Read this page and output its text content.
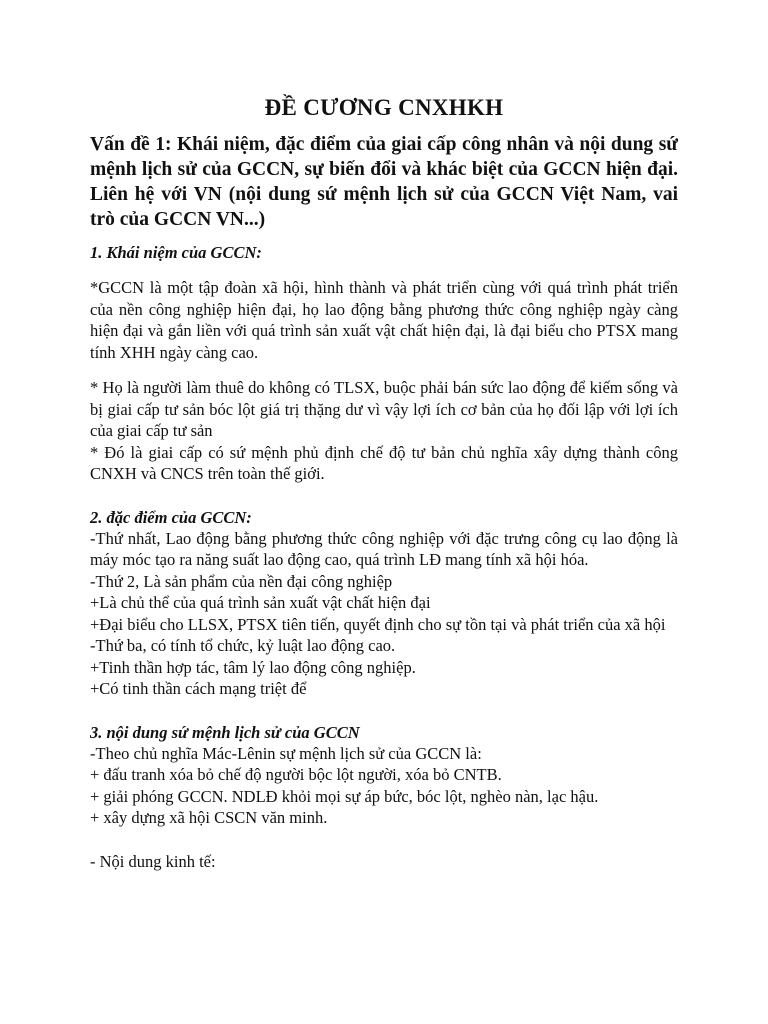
ĐỀ CƯƠNG CNXHKH

Vấn đề 1: Khái niệm, đặc điểm của giai cấp công nhân và nội dung sứ mệnh lịch sử của GCCN, sự biến đổi và khác biệt của GCCN hiện đại. Liên hệ với VN (nội dung sứ mệnh lịch sử của GCCN Việt Nam, vai trò của GCCN VN...)

1. Khái niệm của GCCN:

*GCCN là một tập đoàn xã hội, hình thành và phát triển cùng với quá trình phát triển của nền công nghiệp hiện đại, họ lao động bằng phương thức công nghiệp ngày càng hiện đại và gắn liền với quá trình sản xuất vật chất hiện đại, là đại biểu cho PTSX mang tính XHH ngày càng cao.

* Họ là người làm thuê do không có TLSX, buộc phải bán sức lao động để kiếm sống và bị giai cấp tư sản bóc lột giá trị thặng dư vì vậy lợi ích cơ bản của họ đối lập với lợi ích của giai cấp tư sản

* Đó là giai cấp có sứ mệnh phủ định chế độ tư bản chủ nghĩa xây dựng thành công CNXH và CNCS trên toàn thế giới.

2. đặc điểm của GCCN:

-Thứ nhất, Lao động bằng phương thức công nghiệp với đặc trưng công cụ lao động là máy móc tạo ra năng suất lao động cao, quá trình LĐ mang tính xã hội hóa.

-Thứ 2, Là sản phẩm của nền đại công nghiệp

+Là chủ thể của quá trình sản xuất vật chất hiện đại

+Đại biểu cho LLSX, PTSX tiên tiến, quyết định cho sự tồn tại và phát triển của xã hội

-Thứ ba, có tính tổ chức, kỷ luật lao động cao.

+Tinh thần hợp tác, tâm lý lao động công nghiệp.

+Có tinh thần cách mạng triệt để

3. nội dung sứ mệnh lịch sử của GCCN

-Theo chủ nghĩa Mác-Lênin sự mệnh lịch sử của GCCN là:

+ đấu tranh xóa bỏ chế độ người bộc lột người, xóa bỏ CNTB.

+ giải phóng GCCN. NDLĐ khỏi mọi sự áp bức, bóc lột, nghèo nàn, lạc hậu.

+ xây dựng xã hội CSCN văn minh.

- Nội dung kinh tế:
